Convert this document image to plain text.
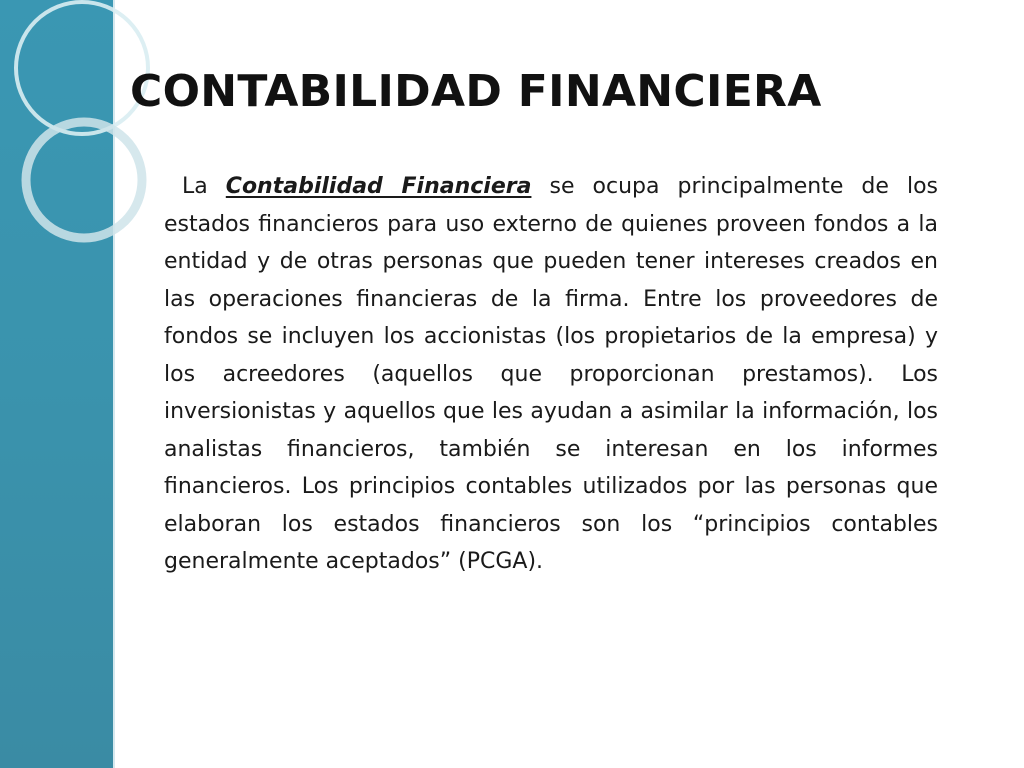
CONTABILIDAD FINANCIERA

La Contabilidad Financiera se ocupa principalmente de los estados financieros para uso externo de quienes proveen fondos a la entidad y de otras personas que pueden tener intereses creados en las operaciones financieras de la firma. Entre los proveedores de fondos se incluyen los accionistas (los propietarios de la empresa) y los acreedores (aquellos que proporcionan prestamos). Los inversionistas y aquellos que les ayudan a asimilar la información, los analistas financieros, también se interesan en los informes financieros. Los principios contables utilizados por las personas que elaboran los estados financieros son los “principios contables generalmente aceptados” (PCGA).
